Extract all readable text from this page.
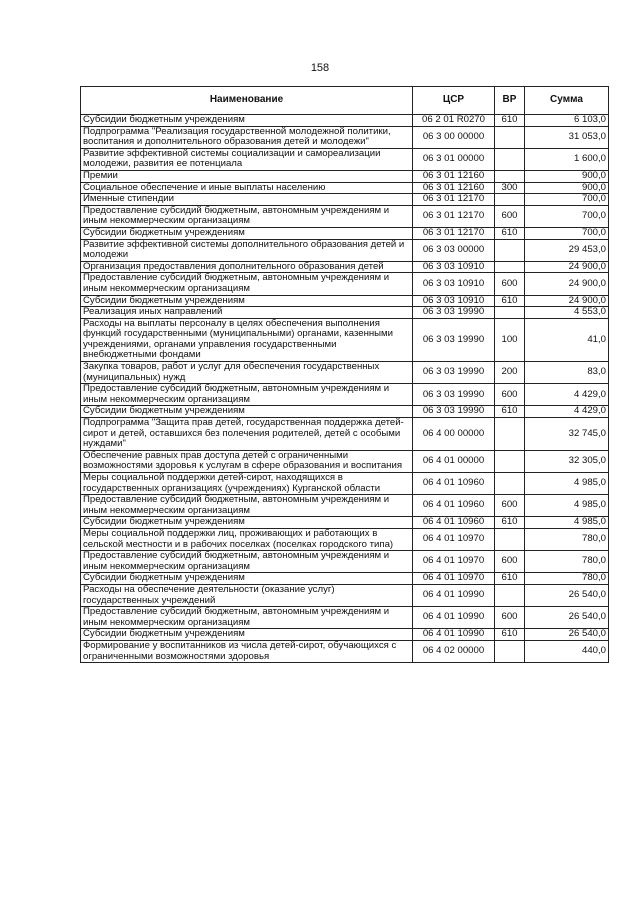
158
Наименование	ЦСР	ВР	Сумма
Субсидии бюджетным учреждениям	06 2 01 R0270	610	6 103,0
Подпрограмма "Реализация государственной молодежной политики, воспитания и дополнительного образования детей и молодежи"	06 3 00 00000		31 053,0
Развитие эффективной системы социализации и самореализации молодежи, развития ее потенциала	06 3 01 00000		1 600,0
Премии	06 3 01 12160		900,0
Социальное обеспечение и иные выплаты населению	06 3 01 12160	300	900,0
Именные стипендии	06 3 01 12170		700,0
Предоставление субсидий бюджетным, автономным учреждениям и иным некоммерческим организациям	06 3 01 12170	600	700,0
Субсидии бюджетным учреждениям	06 3 01 12170	610	700,0
Развитие эффективной системы дополнительного образования детей и молодежи	06 3 03 00000		29 453,0
Организация предоставления дополнительного образования детей	06 3 03 10910		24 900,0
Предоставление субсидий бюджетным, автономным учреждениям и иным некоммерческим организациям	06 3 03 10910	600	24 900,0
Субсидии бюджетным учреждениям	06 3 03 10910	610	24 900,0
Реализация иных направлений	06 3 03 19990		4 553,0
Расходы на выплаты персоналу в целях обеспечения выполнения функций государственными (муниципальными) органами, казенными учреждениями, органами управления государственными внебюджетными фондами	06 3 03 19990	100	41,0
Закупка товаров, работ и услуг для обеспечения государственных (муниципальных) нужд	06 3 03 19990	200	83,0
Предоставление субсидий бюджетным, автономным учреждениям и иным некоммерческим организациям	06 3 03 19990	600	4 429,0
Субсидии бюджетным учреждениям	06 3 03 19990	610	4 429,0
Подпрограмма "Защита прав детей, государственная поддержка детей-сирот и детей, оставшихся без полечения родителей, детей с особыми нуждами"	06 4 00 00000		32 745,0
Обеспечение равных прав доступа детей с ограниченными возможностями здоровья к услугам в сфере образования и воспитания	06 4 01 00000		32 305,0
Меры социальной поддержки детей-сирот, находящихся в государственных организациях (учреждениях) Курганской области	06 4 01 10960		4 985,0
Предоставление субсидий бюджетным, автономным учреждениям и иным некоммерческим организациям	06 4 01 10960	600	4 985,0
Субсидии бюджетным учреждениям	06 4 01 10960	610	4 985,0
Меры социальной поддержки лиц, проживающих и работающих в сельской местности и в рабочих поселках (поселках городского типа)	06 4 01 10970		780,0
Предоставление субсидий бюджетным, автономным учреждениям и иным некоммерческим организациям	06 4 01 10970	600	780,0
Субсидии бюджетным учреждениям	06 4 01 10970	610	780,0
Расходы на обеспечение деятельности (оказание услуг) государственных учреждений	06 4 01 10990		26 540,0
Предоставление субсидий бюджетным, автономным учреждениям и иным некоммерческим организациям	06 4 01 10990	600	26 540,0
Субсидии бюджетным учреждениям	06 4 01 10990	610	26 540,0
Формирование у воспитанников из числа детей-сирот, обучающихся с ограниченными возможностями здоровья	06 4 02 00000		440,0
